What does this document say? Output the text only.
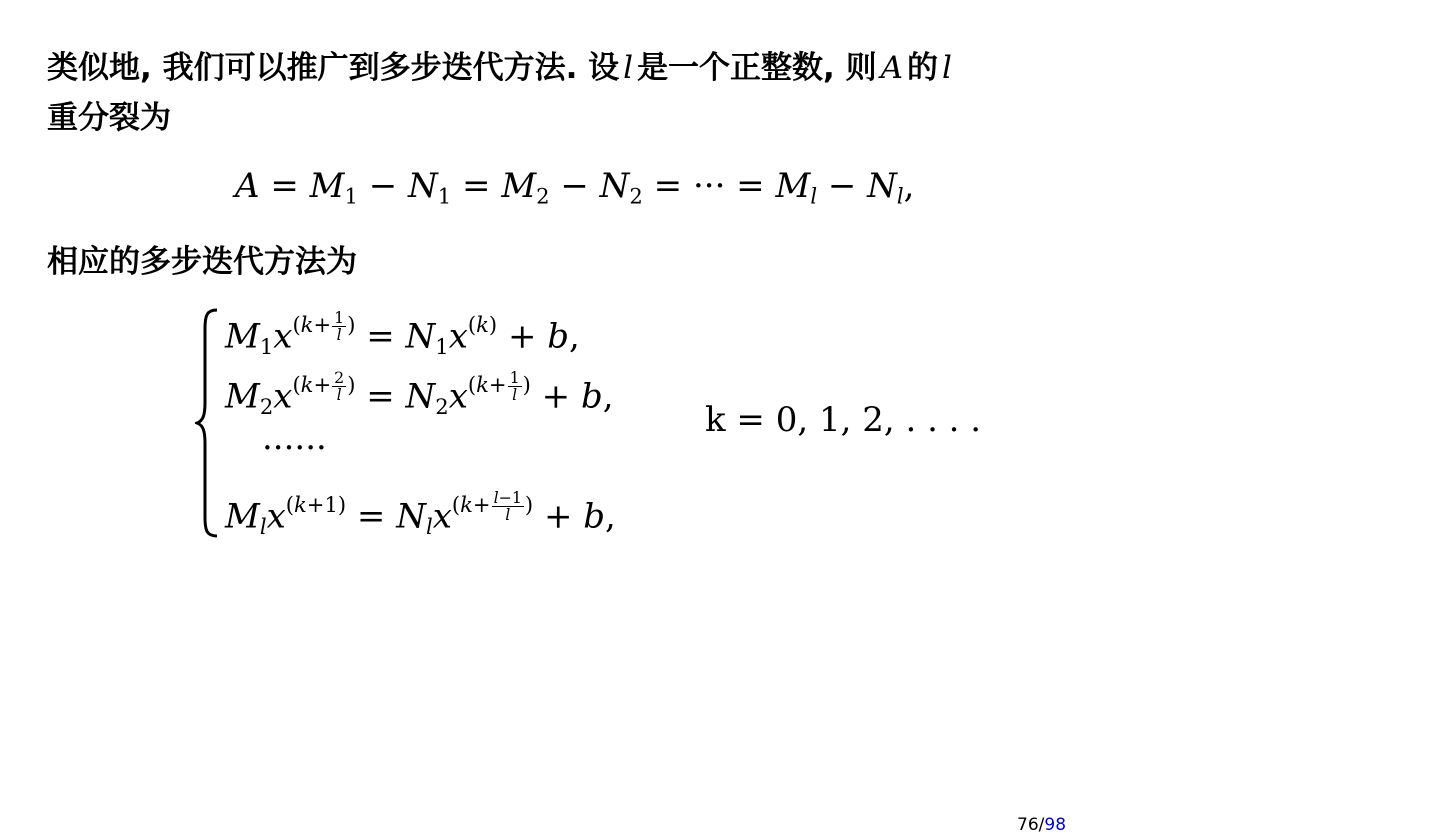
类似地, 我们可以推广到多步迭代方法. 设 l 是一个正整数, 则 A 的 l
重分裂为
$A = M_1 - N_1 = M_2 - N_2$ = ··· = $M_l - N_l$,
相应的多步迭代方法为
$M_1x^{(k+ \frac{1}{l} )} = N_1x^{(k)} + b$,
$M_2x^{(k+ \frac{2}{l} )} = N_2x^{(k+ \frac{1}{l} )} + b$,
······
$M_lx^{(k+1)} = N_lx^{(k+ \frac{l-1}{l} )} + b$,
k = 0, 1, 2, . . . .
76/98
